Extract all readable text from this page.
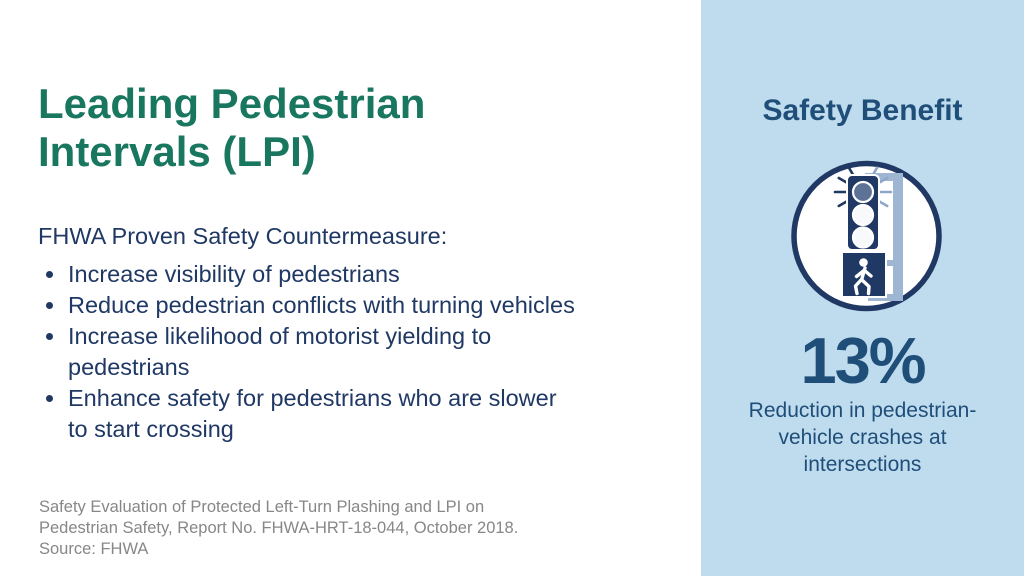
Leading Pedestrian
Intervals (LPI)
FHWA Proven Safety Countermeasure:
Increase visibility of pedestrians
Reduce pedestrian conflicts with turning vehicles
Increase likelihood of motorist yielding to
pedestrians
Enhance safety for pedestrians who are slower
to start crossing
Safety Evaluation of Protected Left-Turn Plashing and LPI on
Pedestrian Safety, Report No. FHWA-HRT-18-044, October 2018.
Source: FHWA
Safety Benefit
13%
Reduction in pedestrian-
vehicle crashes at
intersections
